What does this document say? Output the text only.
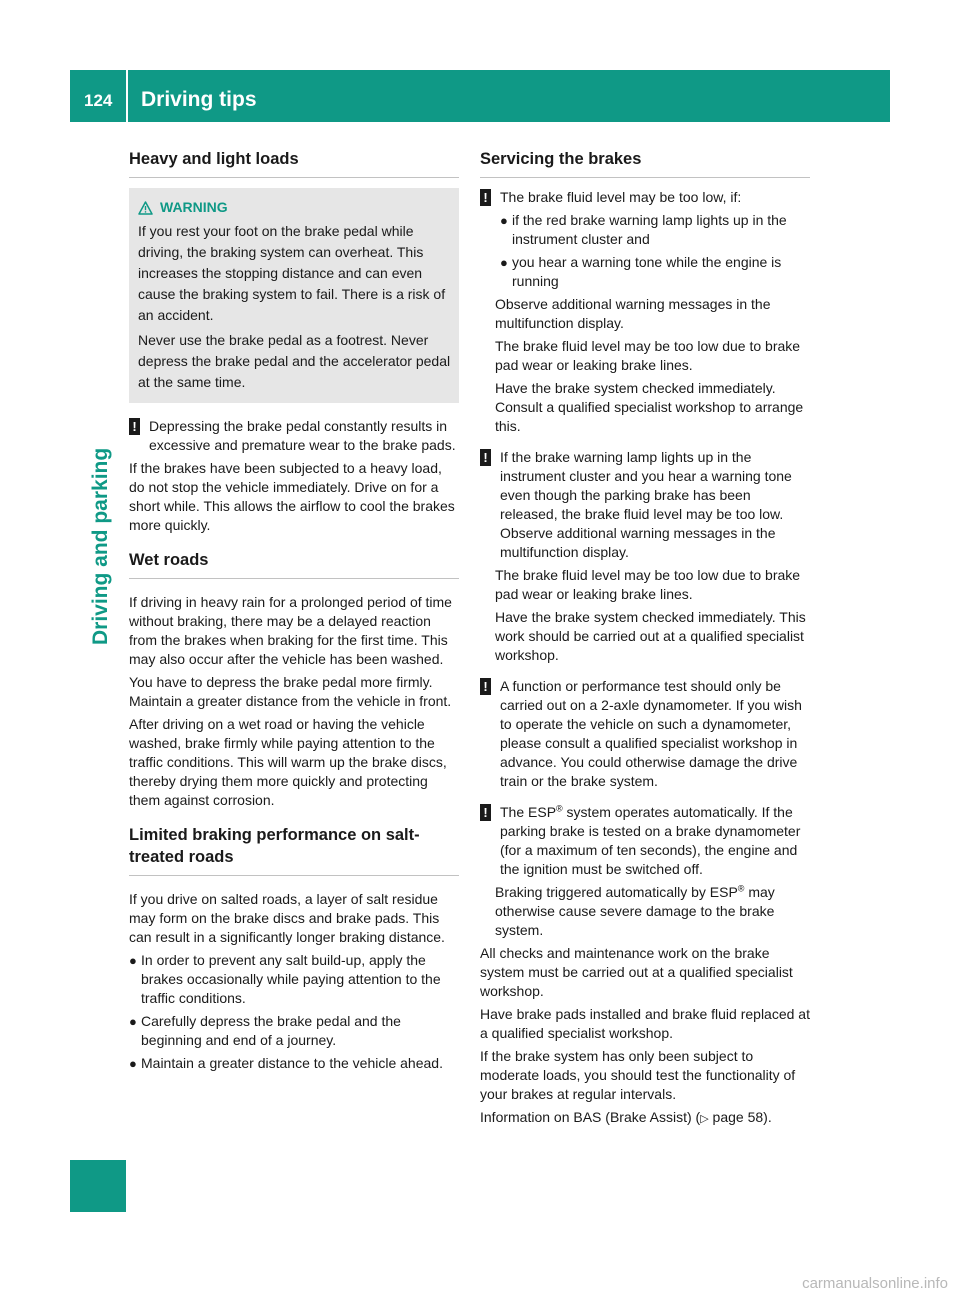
124 Driving tips
Driving and parking
Heavy and light loads
WARNING

If you rest your foot on the brake pedal while driving, the braking system can overheat. This increases the stopping distance and can even cause the braking system to fail. There is a risk of an accident.

Never use the brake pedal as a footrest. Never depress the brake pedal and the accelerator pedal at the same time.

! Depressing the brake pedal constantly results in excessive and premature wear to the brake pads.

If the brakes have been subjected to a heavy load, do not stop the vehicle immediately. Drive on for a short while. This allows the airflow to cool the brakes more quickly.

Wet roads

If driving in heavy rain for a prolonged period of time without braking, there may be a delayed reaction from the brakes when braking for the first time. This may also occur after the vehicle has been washed.

You have to depress the brake pedal more firmly. Maintain a greater distance from the vehicle in front.

After driving on a wet road or having the vehicle washed, brake firmly while paying attention to the traffic conditions. This will warm up the brake discs, thereby drying them more quickly and protecting them against corrosion.

Limited braking performance on salt-
treated roads

If you drive on salted roads, a layer of salt residue may form on the brake discs and brake pads. This can result in a significantly longer braking distance.

● In order to prevent any salt build-up, apply the brakes occasionally while paying attention to the traffic conditions.
● Carefully depress the brake pedal and the beginning and end of a journey.
● Maintain a greater distance to the vehicle ahead.
Servicing the brakes
! The brake fluid level may be too low, if:

● if the red brake warning lamp lights up in the instrument cluster and
● you hear a warning tone while the engine is running

Observe additional warning messages in the multifunction display.

The brake fluid level may be too low due to brake pad wear or leaking brake lines.

Have the brake system checked immediately. Consult a qualified specialist workshop to arrange this.

! If the brake warning lamp lights up in the instrument cluster and you hear a warning tone even though the parking brake has been released, the brake fluid level may be too low. Observe additional warning messages in the multifunction display.

The brake fluid level may be too low due to brake pad wear or leaking brake lines.

Have the brake system checked immediately. This work should be carried out at a qualified specialist workshop.

! A function or performance test should only be carried out on a 2-axle dynamometer. If you wish to operate the vehicle on such a dynamometer, please consult a qualified specialist workshop in advance. You could otherwise damage the drive train or the brake system.

! The ESP® system operates automatically. If the parking brake is tested on a brake dynamometer (for a maximum of ten seconds), the engine and the ignition must be switched off.

Braking triggered automatically by ESP® may otherwise cause severe damage to the brake system.

All checks and maintenance work on the brake system must be carried out at a qualified specialist workshop.

Have brake pads installed and brake fluid replaced at a qualified specialist workshop.

If the brake system has only been subject to moderate loads, you should test the functionality of your brakes at regular intervals.

Information on BAS (Brake Assist) (▷ page 58).

carmanualsonline.info
